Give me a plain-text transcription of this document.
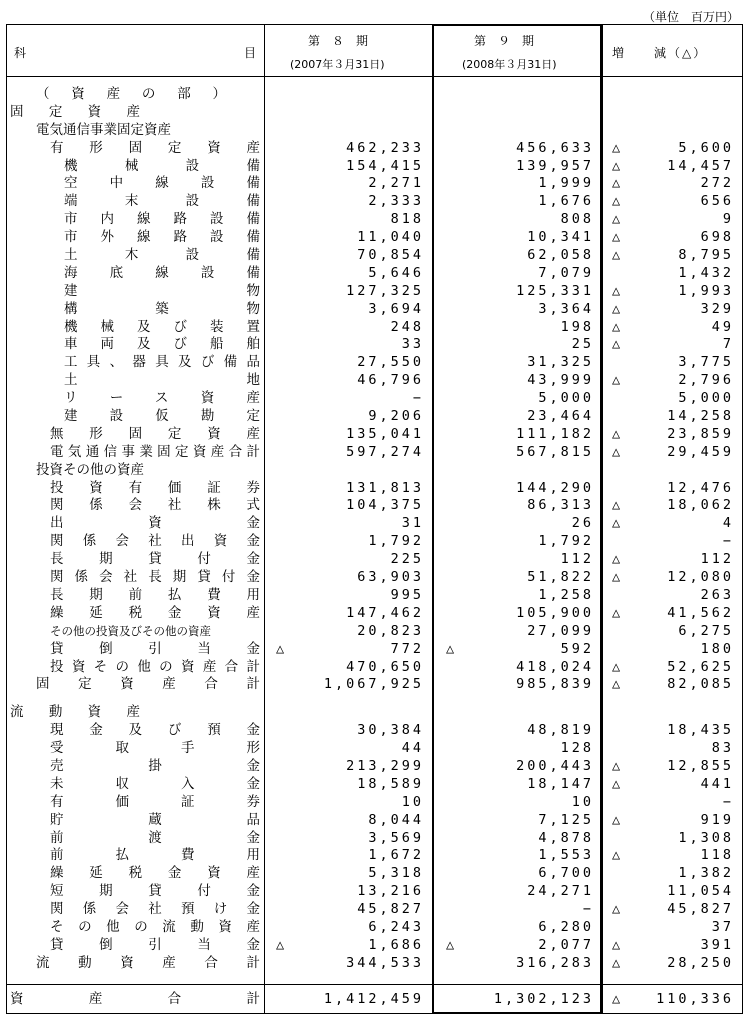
（単位　百万円）
科	目
第　８　期
(2007年３月31日)
第　９　期
(2008年３月31日)
増　　減（△）
（資産の部）
固定資産
電気通信事業固定資産
有形固定資産	462,233	456,633 △	5,600
機械設備	154,415	139,957 △	14,457
空中線設備	2,271	1,999 △	272
端末設備	2,333	1,676 △	656
市内線路設備	818	808 △	9
市外線路設備	11,040	10,341 △	698
土木設備	70,854	62,058 △	8,795
海底線設備	5,646	7,079	1,432
建物	127,325	125,331 △	1,993
構築物	3,694	3,364 △	329
機械及び装置	248	198 △	49
車両及び船舶	33	25 △	7
工具、器具及び備品	27,550	31,325	3,775
土地	46,796	43,999 △	2,796
リース資産	−	5,000	5,000
建設仮勘定	9,206	23,464	14,258
無形固定資産	135,041	111,182 △	23,859
電気通信事業固定資産合計	597,274	567,815 △	29,459
投資その他の資産
投資有価証券	131,813	144,290	12,476
関係会社株式	104,375	86,313 △	18,062
出資金	31	26 △	4
関係会社出資金	1,792	1,792	−
長期貸付金	225	112 △	112
関係会社長期貸付金	63,903	51,822 △	12,080
長期前払費用	995	1,258	263
繰延税金資産	147,462	105,900 △	41,562
その他の投資及びその他の資産	20,823	27,099	6,275
貸倒引当金 △	772 △	592	180
投資その他の資産合計	470,650	418,024 △	52,625
固定資産合計	1,067,925	985,839 △	82,085
流動資産
現金及び預金	30,384	48,819	18,435
受取手形	44	128	83
売掛金	213,299	200,443 △	12,855
未収入金	18,589	18,147 △	441
有価証券	10	10	−
貯蔵品	8,044	7,125 △	919
前渡金	3,569	4,878	1,308
前払費用	1,672	1,553 △	118
繰延税金資産	5,318	6,700	1,382
短期貸付金	13,216	24,271	11,054
関係会社預け金	45,827	− △	45,827
その他の流動資産	6,243	6,280	37
貸倒引当金 △	1,686 △	2,077 △	391
流動資産合計	344,533	316,283 △	28,250
資産合計	1,412,459	1,302,123 △	110,336
